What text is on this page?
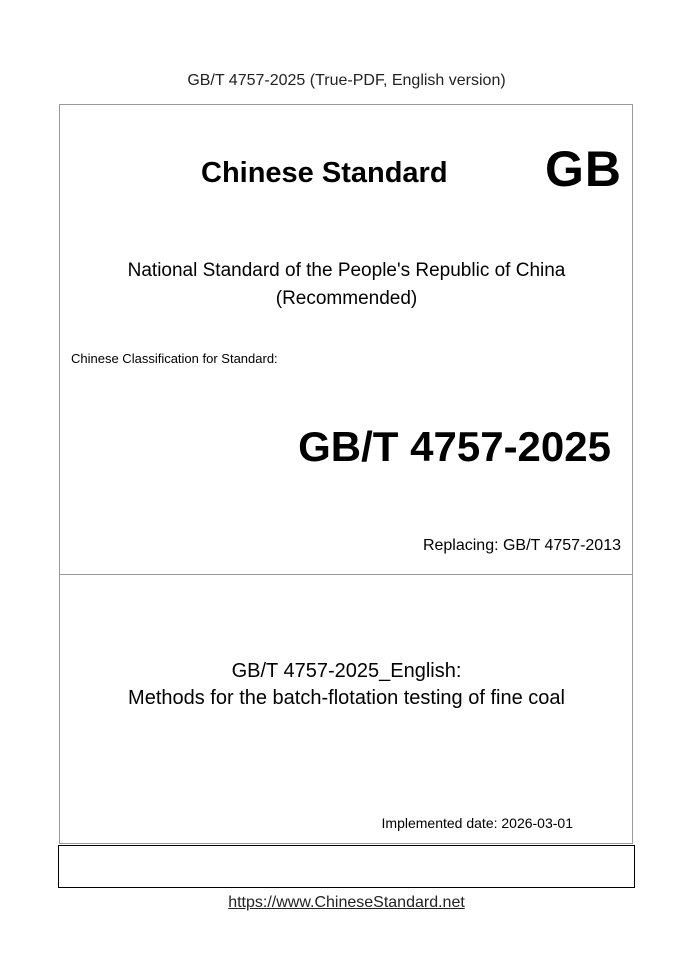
GB/T 4757-2025 (True-PDF, English version)
Chinese Standard GB
National Standard of the People's Republic of China
(Recommended)
Chinese Classification for Standard:
GB/T 4757-2025
Replacing: GB/T 4757-2013
GB/T 4757-2025_English:
Methods for the batch-flotation testing of fine coal
Implemented date: 2026-03-01
https://www.ChineseStandard.net
